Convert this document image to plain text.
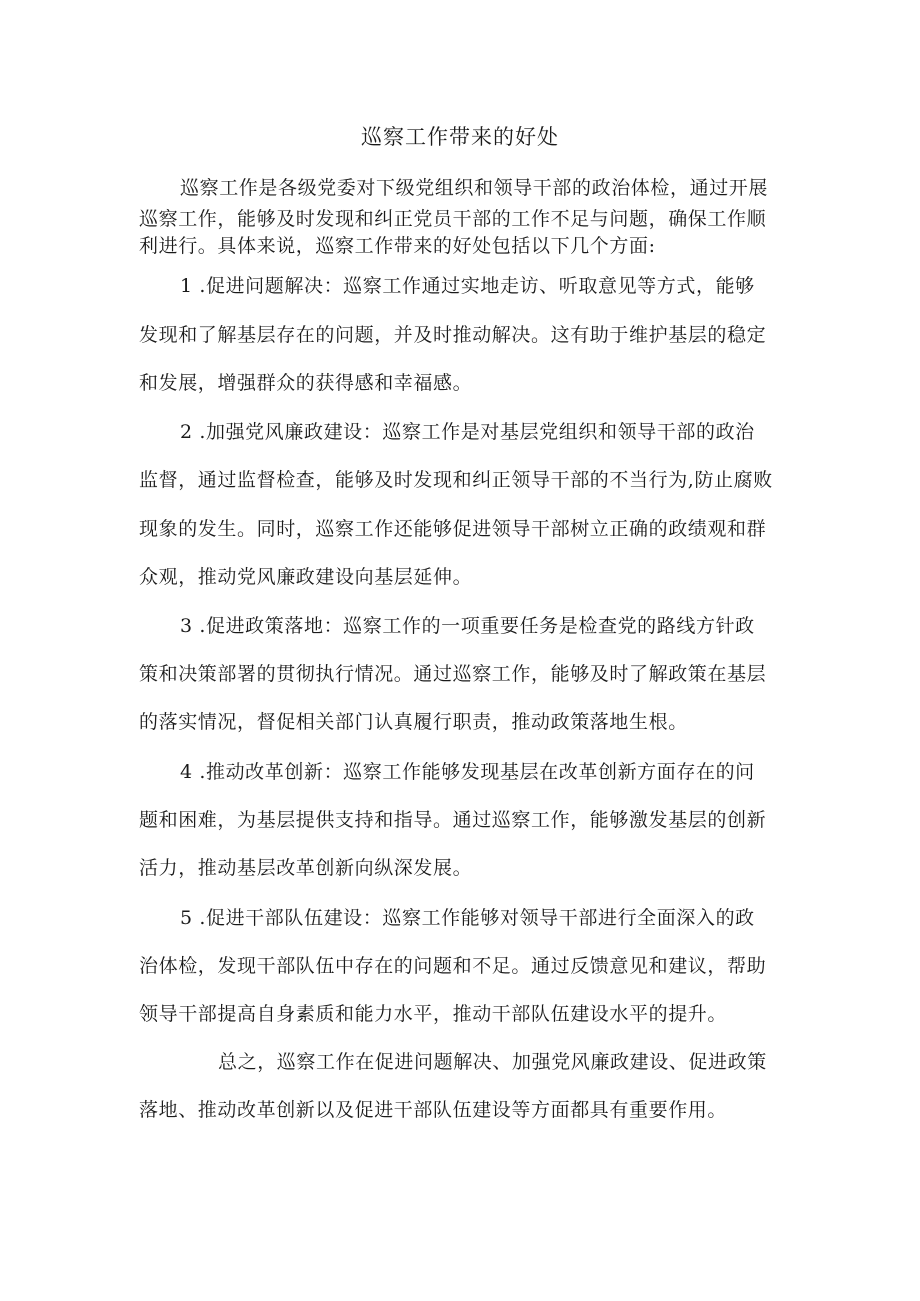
巡察工作带来的好处
巡察工作是各级党委对下级党组织和领导干部的政治体检，通过开展
巡察工作，能够及时发现和纠正党员干部的工作不足与问题，确保工作顺
利进行。具体来说，巡察工作带来的好处包括以下几个方面:
1 .促进问题解决：巡察工作通过实地走访、听取意见等方式，能够
发现和了解基层存在的问题，并及时推动解决。这有助于维护基层的稳定
和发展，增强群众的获得感和幸福感。
2 .加强党风廉政建设：巡察工作是对基层党组织和领导干部的政治
监督，通过监督检查，能够及时发现和纠正领导干部的不当行为,防止腐败
现象的发生。同时，巡察工作还能够促进领导干部树立正确的政绩观和群
众观，推动党风廉政建设向基层延伸。
3 .促进政策落地：巡察工作的一项重要任务是检查党的路线方针政
策和决策部署的贯彻执行情况。通过巡察工作，能够及时了解政策在基层
的落实情况，督促相关部门认真履行职责，推动政策落地生根。
4 .推动改革创新：巡察工作能够发现基层在改革创新方面存在的问
题和困难，为基层提供支持和指导。通过巡察工作，能够激发基层的创新
活力，推动基层改革创新向纵深发展。
5 .促进干部队伍建设：巡察工作能够对领导干部进行全面深入的政
治体检，发现干部队伍中存在的问题和不足。通过反馈意见和建议，帮助
领导干部提高自身素质和能力水平，推动干部队伍建设水平的提升。
总之，巡察工作在促进问题解决、加强党风廉政建设、促进政策
落地、推动改革创新以及促进干部队伍建设等方面都具有重要作用。
